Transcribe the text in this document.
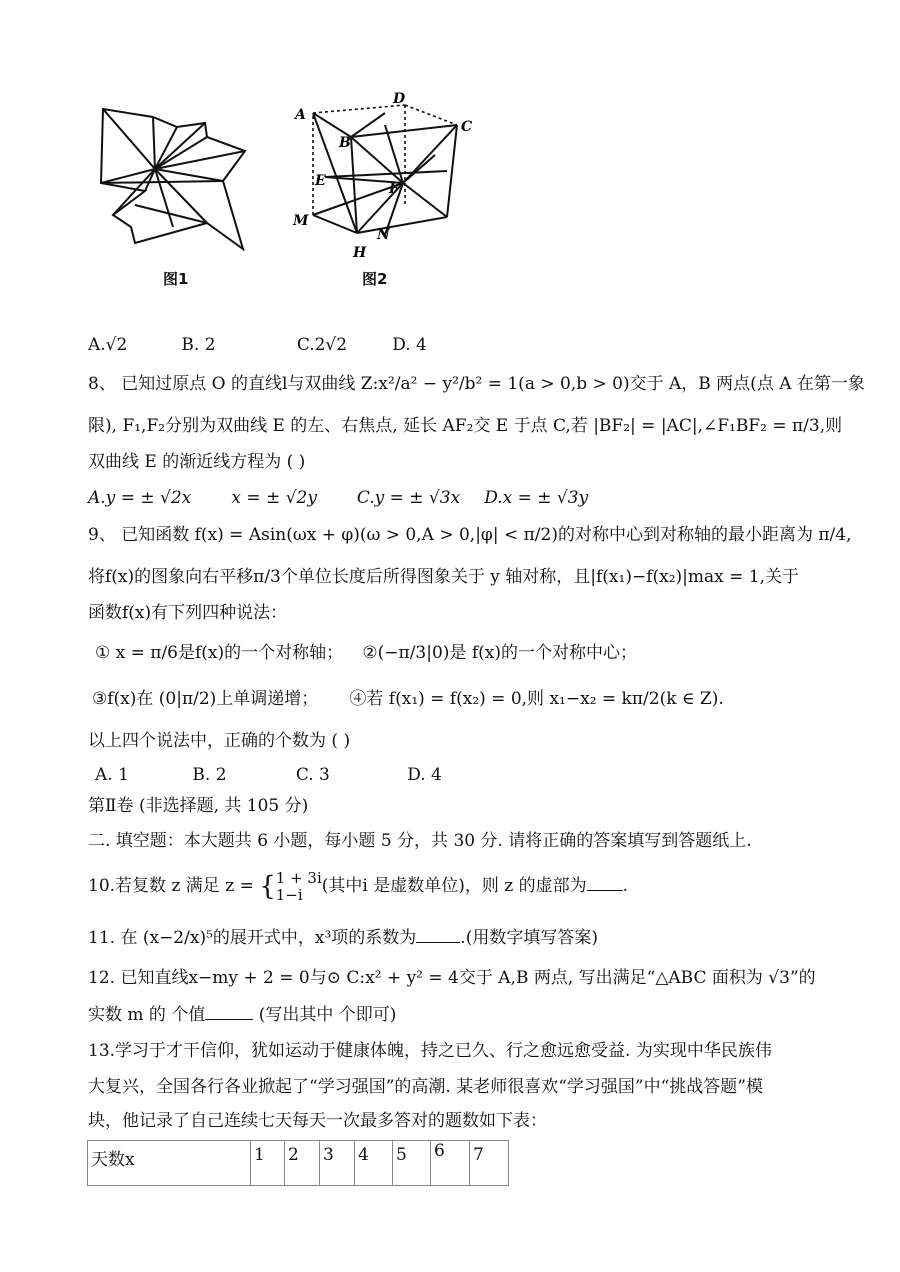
图1
A
B
C
D
E	F
H
M
N
图2
A.√2	B. 2	C.2√2	D. 4
8、 已知过原点 O 的直线l与双曲线 Z:x²/a² − y²/b² = 1(a > 0,b > 0)交于 A，B 两点(点 A 在第一象
限), F₁,F₂分别为双曲线 E 的左、右焦点, 延长 AF₂交 E 于点 C,若 |BF₂| = |AC|,∠F₁BF₂ = π/3,则
双曲线 E 的渐近线方程为 ( )
A.y = ± √2x x = ± √2y C.y = ± √3x D.x = ± √3y
9、 已知函数 f(x) = Asin(ωx + φ)(ω > 0,A > 0,|φ| < π/2)的对称中心到对称轴的最小距离为 π/4,
将f(x)的图象向右平移π/3个单位长度后所得图象关于 y 轴对称，且|f(x₁)−f(x₂)|max = 1,关于
函数f(x)有下列四种说法：
① x = π/6是f(x)的一个对称轴； ②(−π/3|0)是 f(x)的一个对称中心；
③f(x)在 (0|π/2)上单调递增； ④若 f(x₁) = f(x₂) = 0,则 x₁−x₂ = kπ/2(k ∈ Z).
以上四个说法中，正确的个数为 ( )
A. 1	B. 2	C. 3	D. 4
第Ⅱ卷 (非选择题, 共 105 分)
二. 填空题：本大题共 6 小题，每小题 5 分，共 30 分. 请将正确的答案填写到答题纸上.
10.若复数 z 满足 z = { 1 + 3i
1−i	(其中i 是虚数单位)，则 z 的虚部为 .
11. 在 (x−2/x)⁵的展开式中，x³项的系数为	.(用数字填写答案)
12. 已知直线x−my + 2 = 0与⊙ C:x² + y² = 4交于 A,B 两点, 写出满足“△ABC 面积为 √3”的
实数 m 的 个值	(写出其中 个即可)
13.学习于才干信仰，犹如运动于健康体魄，持之已久、行之愈远愈受益. 为实现中华民族伟
大复兴，全国各行各业掀起了“学习强国”的高潮. 某老师很喜欢“学习强国”中“挑战答题”模
块，他记录了自己连续七天每天一次最多答对的题数如下表：
天数x	1	2	3	4	5	6	7
